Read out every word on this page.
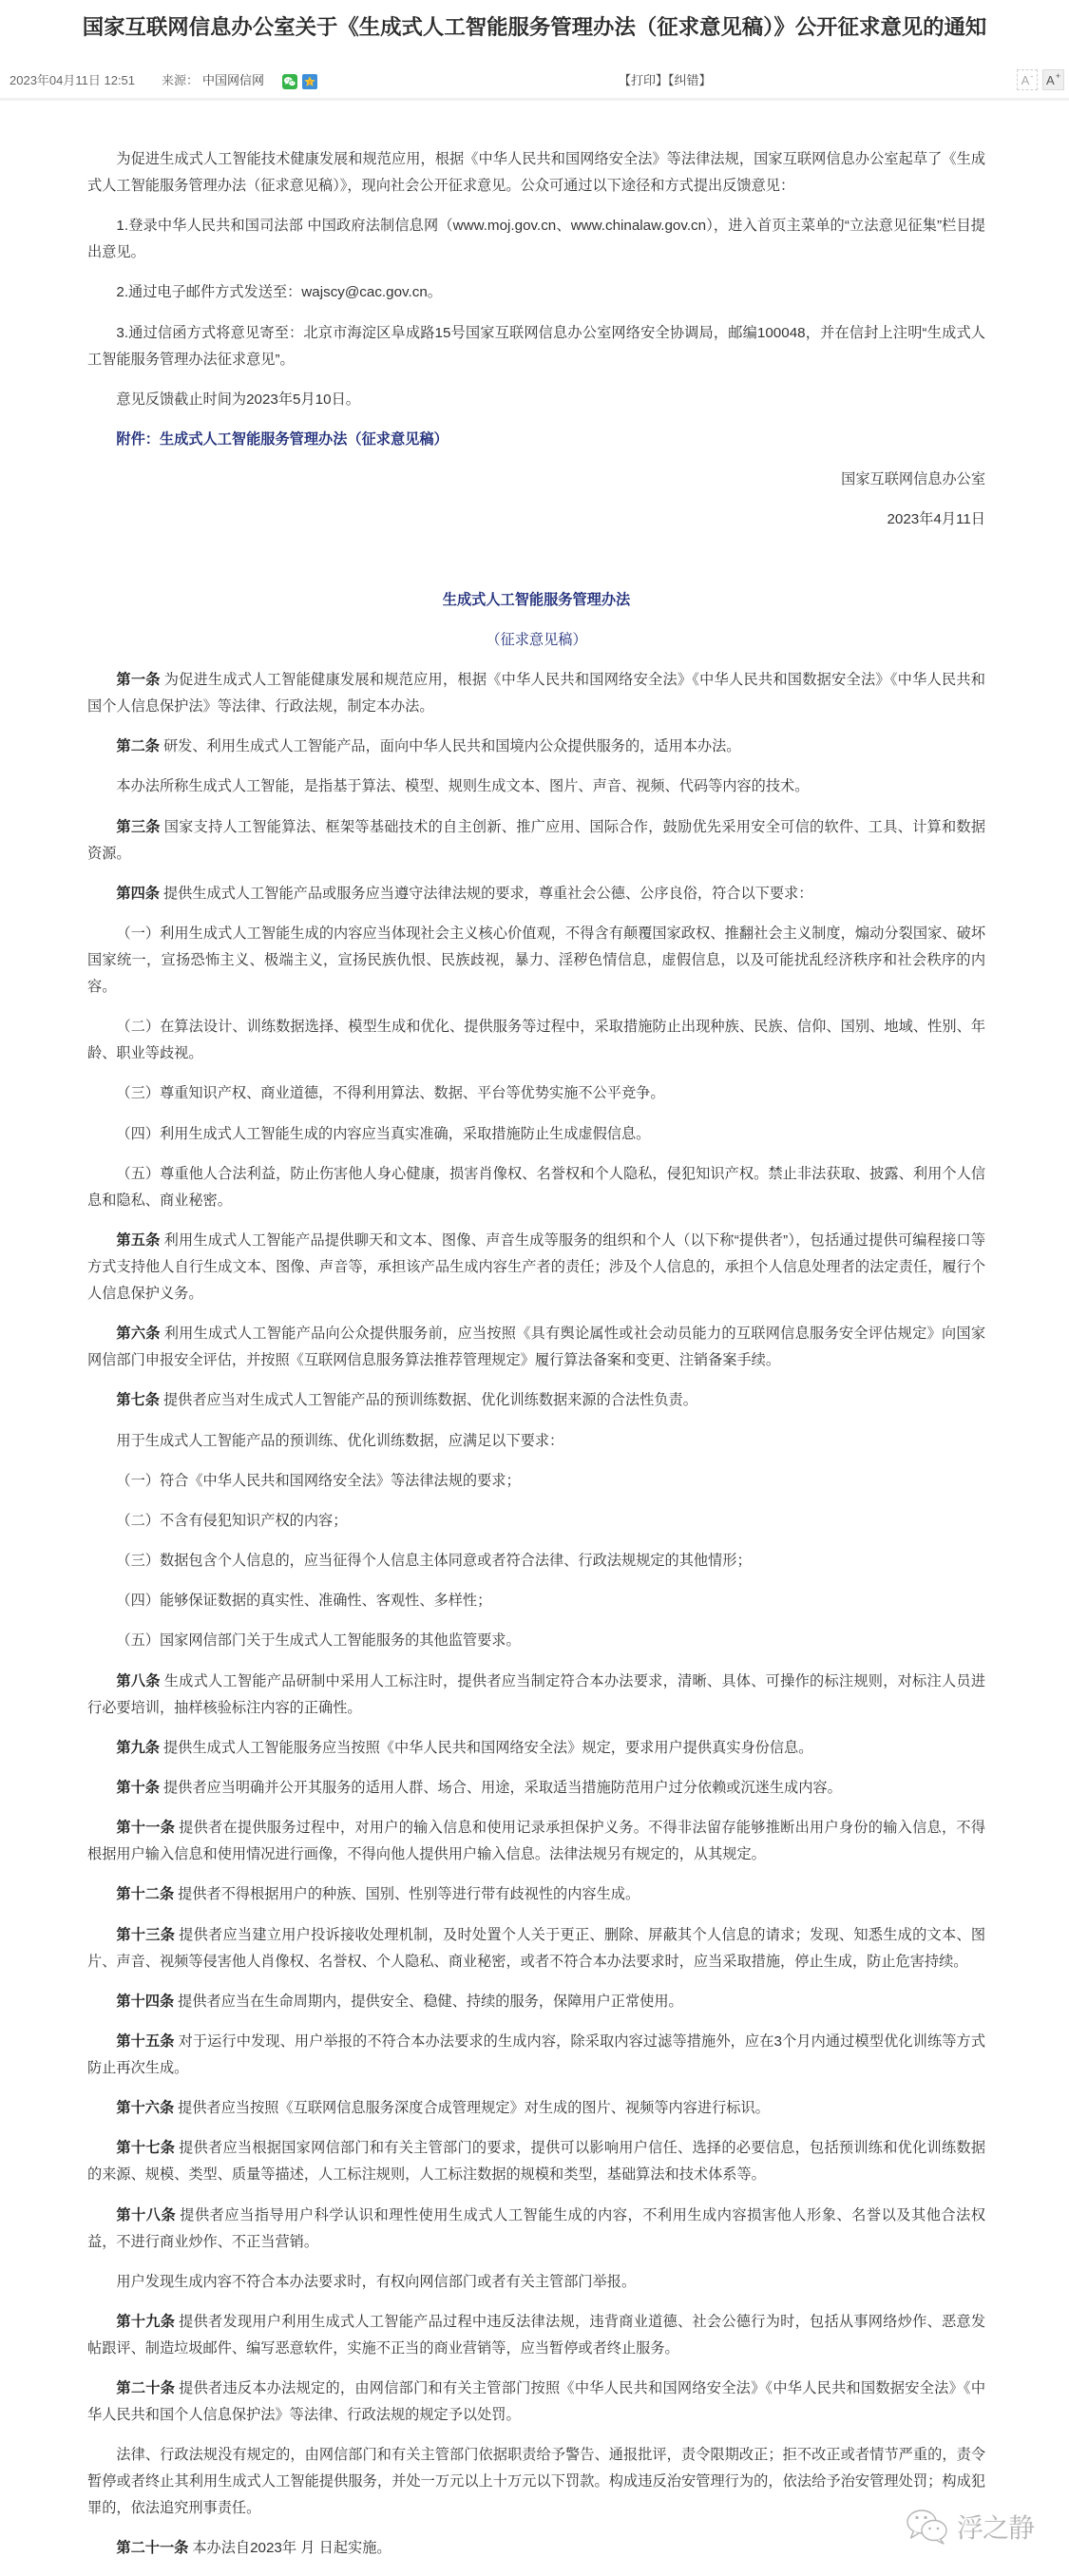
国家互联网信息办公室关于《生成式人工智能服务管理办法（征求意见稿）》公开征求意见的通知
2023年04月11日 12:51 来源： 中国网信网	【打印】【纠错】	A-	A+

为促进生成式人工智能技术健康发展和规范应用，根据《中华人民共和国网络安全法》等法律法规，国家互联网信息办公室起草了《生成式人工智能服务管理办法（征求意见稿）》，现向社会公开征求意见。公众可通过以下途径和方式提出反馈意见：

1.登录中华人民共和国司法部 中国政府法制信息网（www.moj.gov.cn、www.chinalaw.gov.cn），进入首页主菜单的“立法意见征集”栏目提出意见。

2.通过电子邮件方式发送至：wajscy@cac.gov.cn。

3.通过信函方式将意见寄至：北京市海淀区阜成路15号国家互联网信息办公室网络安全协调局，邮编100048，并在信封上注明“生成式人工智能服务管理办法征求意见”。

意见反馈截止时间为2023年5月10日。

附件：生成式人工智能服务管理办法（征求意见稿）

国家互联网信息办公室

2023年4月11日

生成式人工智能服务管理办法

（征求意见稿）

第一条 为促进生成式人工智能健康发展和规范应用，根据《中华人民共和国网络安全法》《中华人民共和国数据安全法》《中华人民共和国个人信息保护法》等法律、行政法规，制定本办法。

第二条 研发、利用生成式人工智能产品，面向中华人民共和国境内公众提供服务的，适用本办法。

本办法所称生成式人工智能，是指基于算法、模型、规则生成文本、图片、声音、视频、代码等内容的技术。

第三条 国家支持人工智能算法、框架等基础技术的自主创新、推广应用、国际合作，鼓励优先采用安全可信的软件、工具、计算和数据资源。

第四条 提供生成式人工智能产品或服务应当遵守法律法规的要求，尊重社会公德、公序良俗，符合以下要求：

（一）利用生成式人工智能生成的内容应当体现社会主义核心价值观，不得含有颠覆国家政权、推翻社会主义制度，煽动分裂国家、破坏国家统一，宣扬恐怖主义、极端主义，宣扬民族仇恨、民族歧视，暴力、淫秽色情信息，虚假信息，以及可能扰乱经济秩序和社会秩序的内容。

（二）在算法设计、训练数据选择、模型生成和优化、提供服务等过程中，采取措施防止出现种族、民族、信仰、国别、地域、性别、年龄、职业等歧视。

（三）尊重知识产权、商业道德，不得利用算法、数据、平台等优势实施不公平竞争。

（四）利用生成式人工智能生成的内容应当真实准确，采取措施防止生成虚假信息。

（五）尊重他人合法利益，防止伤害他人身心健康，损害肖像权、名誉权和个人隐私，侵犯知识产权。禁止非法获取、披露、利用个人信息和隐私、商业秘密。

第五条 利用生成式人工智能产品提供聊天和文本、图像、声音生成等服务的组织和个人（以下称“提供者”），包括通过提供可编程接口等方式支持他人自行生成文本、图像、声音等，承担该产品生成内容生产者的责任；涉及个人信息的，承担个人信息处理者的法定责任，履行个人信息保护义务。

第六条 利用生成式人工智能产品向公众提供服务前，应当按照《具有舆论属性或社会动员能力的互联网信息服务安全评估规定》向国家网信部门申报安全评估，并按照《互联网信息服务算法推荐管理规定》履行算法备案和变更、注销备案手续。

第七条 提供者应当对生成式人工智能产品的预训练数据、优化训练数据来源的合法性负责。

用于生成式人工智能产品的预训练、优化训练数据，应满足以下要求：

（一）符合《中华人民共和国网络安全法》等法律法规的要求；

（二）不含有侵犯知识产权的内容；

（三）数据包含个人信息的，应当征得个人信息主体同意或者符合法律、行政法规规定的其他情形；

（四）能够保证数据的真实性、准确性、客观性、多样性；

（五）国家网信部门关于生成式人工智能服务的其他监管要求。

第八条 生成式人工智能产品研制中采用人工标注时，提供者应当制定符合本办法要求，清晰、具体、可操作的标注规则，对标注人员进行必要培训，抽样核验标注内容的正确性。

第九条 提供生成式人工智能服务应当按照《中华人民共和国网络安全法》规定，要求用户提供真实身份信息。

第十条 提供者应当明确并公开其服务的适用人群、场合、用途，采取适当措施防范用户过分依赖或沉迷生成内容。

第十一条 提供者在提供服务过程中，对用户的输入信息和使用记录承担保护义务。不得非法留存能够推断出用户身份的输入信息，不得根据用户输入信息和使用情况进行画像，不得向他人提供用户输入信息。法律法规另有规定的，从其规定。

第十二条 提供者不得根据用户的种族、国别、性别等进行带有歧视性的内容生成。

第十三条 提供者应当建立用户投诉接收处理机制，及时处置个人关于更正、删除、屏蔽其个人信息的请求；发现、知悉生成的文本、图片、声音、视频等侵害他人肖像权、名誉权、个人隐私、商业秘密，或者不符合本办法要求时，应当采取措施，停止生成，防止危害持续。

第十四条 提供者应当在生命周期内，提供安全、稳健、持续的服务，保障用户正常使用。

第十五条 对于运行中发现、用户举报的不符合本办法要求的生成内容，除采取内容过滤等措施外，应在3个月内通过模型优化训练等方式防止再次生成。

第十六条 提供者应当按照《互联网信息服务深度合成管理规定》对生成的图片、视频等内容进行标识。

第十七条 提供者应当根据国家网信部门和有关主管部门的要求，提供可以影响用户信任、选择的必要信息，包括预训练和优化训练数据的来源、规模、类型、质量等描述，人工标注规则，人工标注数据的规模和类型，基础算法和技术体系等。

第十八条 提供者应当指导用户科学认识和理性使用生成式人工智能生成的内容，不利用生成内容损害他人形象、名誉以及其他合法权益，不进行商业炒作、不正当营销。

用户发现生成内容不符合本办法要求时，有权向网信部门或者有关主管部门举报。

第十九条 提供者发现用户利用生成式人工智能产品过程中违反法律法规，违背商业道德、社会公德行为时，包括从事网络炒作、恶意发帖跟评、制造垃圾邮件、编写恶意软件，实施不正当的商业营销等，应当暂停或者终止服务。

第二十条 提供者违反本办法规定的，由网信部门和有关主管部门按照《中华人民共和国网络安全法》《中华人民共和国数据安全法》《中华人民共和国个人信息保护法》等法律、行政法规的规定予以处罚。

法律、行政法规没有规定的，由网信部门和有关主管部门依据职责给予警告、通报批评，责令限期改正；拒不改正或者情节严重的，责令暂停或者终止其利用生成式人工智能提供服务，并处一万元以上十万元以下罚款。构成违反治安管理行为的，依法给予治安管理处罚；构成犯罪的，依法追究刑事责任。

第二十一条 本办法自2023年 月 日起实施。

浮之静
